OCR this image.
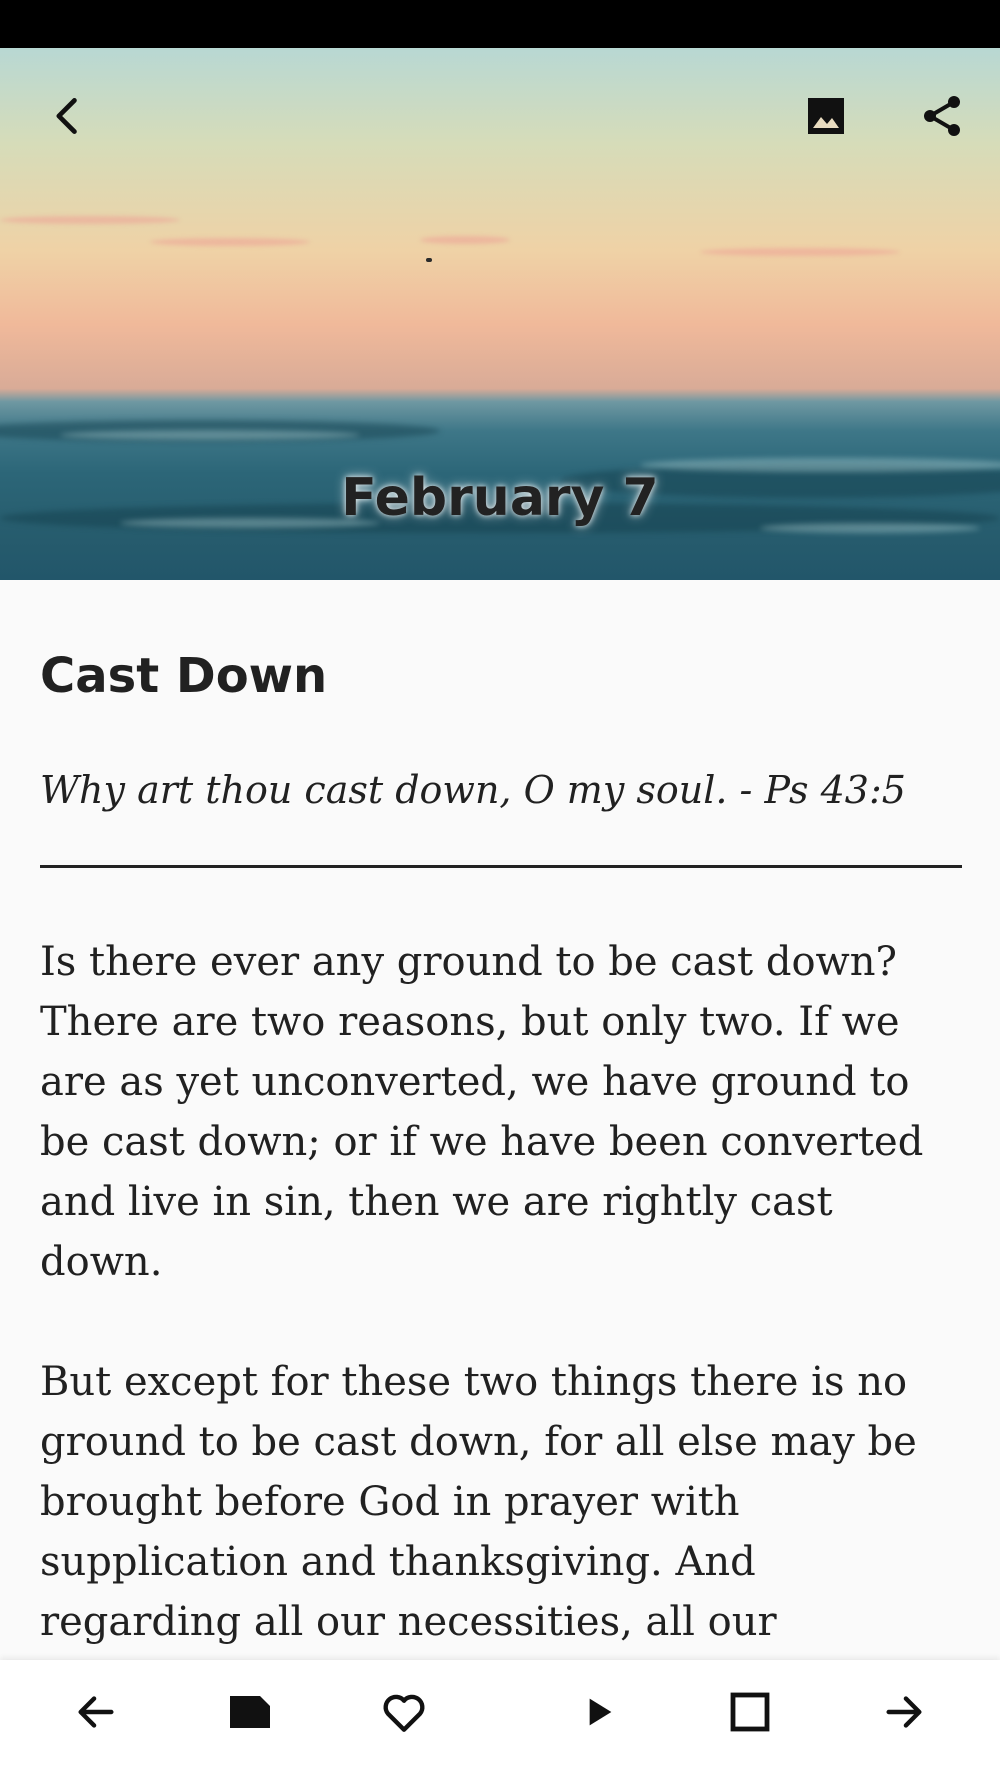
February 7
Cast Down
Why art thou cast down, O my soul. - Ps 43:5

Is there ever any ground to be cast down? There are two reasons, but only two. If we are as yet unconverted, we have ground to be cast down; or if we have been converted and live in sin, then we are rightly cast down.

But except for these two things there is no ground to be cast down, for all else may be brought before God in prayer with supplication and thanksgiving. And regarding all our necessities, all our
